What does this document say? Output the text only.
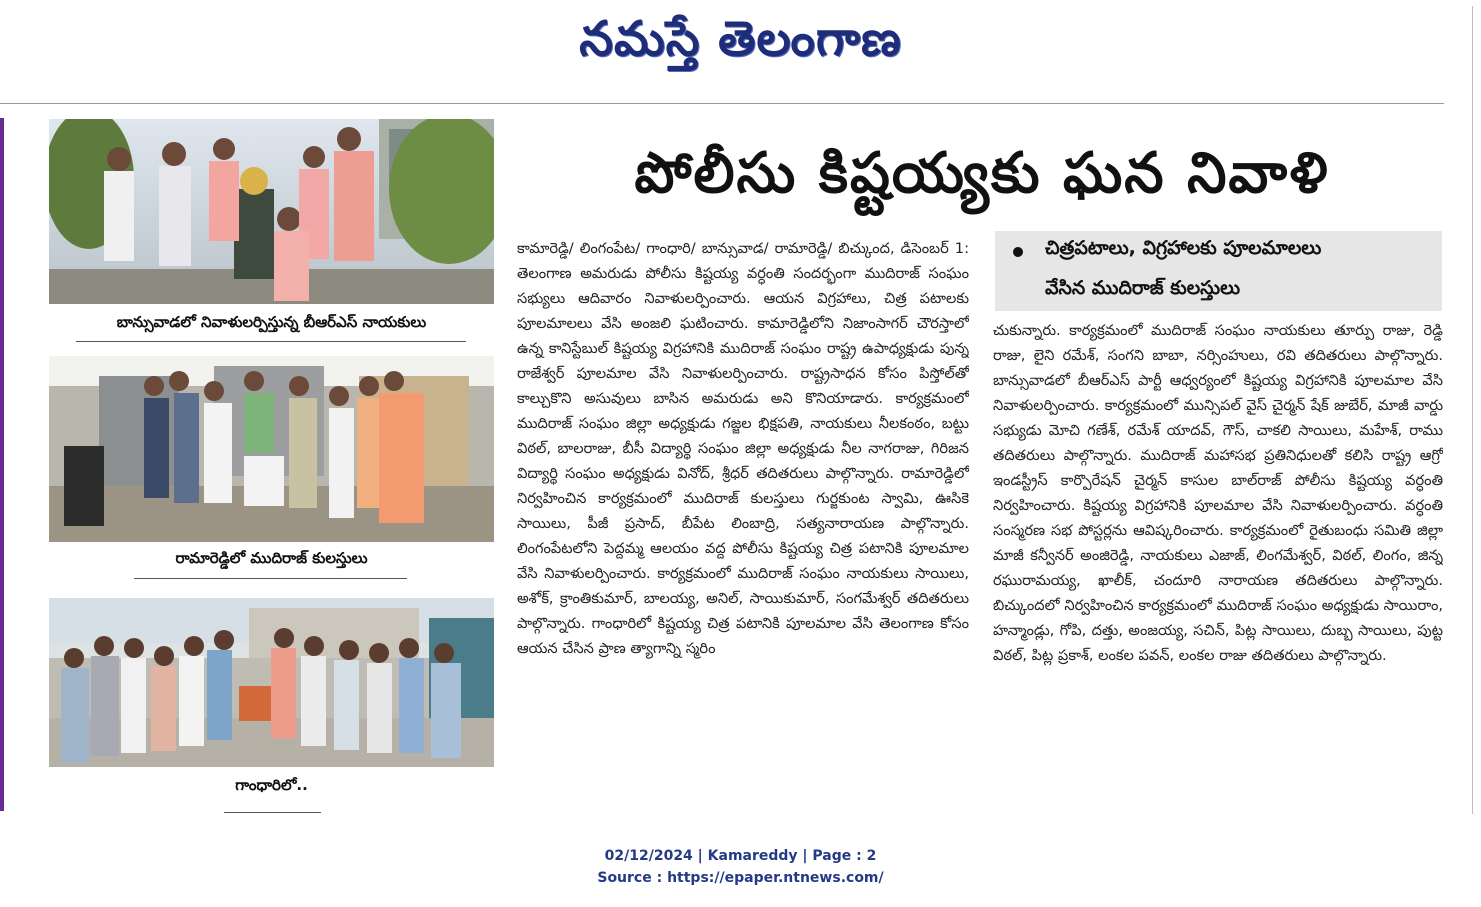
నమస్తే తెలంగాణ
బాన్సువాడలో నివాళులర్పిస్తున్న బీఆర్ఎస్ నాయకులు
రామారెడ్డిలో ముదిరాజ్ కులస్తులు
గాంధారిలో..
పోలీసు కిష్టయ్యకు ఘన నివాళి
చిత్రపటాలు, విగ్రహాలకు పూలమాలలు
వేసిన ముదిరాజ్ కులస్తులు

కామారెడ్డి/ లింగంపేట/ గాంధారి/ బాన్సువాడ/ రామారెడ్డి/ బిచ్కుంద, డిసెంబర్ 1: తెలంగాణ అమరుడు పోలీసు కిష్టయ్య వర్ధంతి సందర్భంగా ముదిరాజ్ సంఘం సభ్యులు ఆదివారం నివాళులర్పించారు. ఆయన విగ్రహాలు, చిత్ర పటాలకు పూలమాలలు వేసి అంజలి ఘటించారు. కామారెడ్డిలోని నిజాంసాగర్ చౌరస్తాలో ఉన్న కానిస్టేబుల్ కిష్టయ్య విగ్రహానికి ముదిరాజ్ సంఘం రాష్ట్ర ఉపాధ్యక్షుడు పున్న రాజేశ్వర్ పూలమాల వేసి నివాళులర్పించారు. రాష్ట్రసాధన కోసం పిస్తోల్‌తో కాల్చుకొని అసువులు బాసిన అమరుడు అని కొనియాడారు. కార్యక్రమంలో ముదిరాజ్ సంఘం జిల్లా అధ్యక్షుడు గజ్జల భిక్షపతి, నాయకులు నీలకంఠం, బట్టు విఠల్, బాలరాజు, బీసీ విద్యార్థి సంఘం జిల్లా అధ్యక్షుడు నీల నాగరాజు, గిరిజన విద్యార్థి సంఘం అధ్యక్షుడు వినోద్, శ్రీధర్ తదితరులు పాల్గొన్నారు. రామారెడ్డిలో నిర్వహించిన కార్యక్రమంలో ముదిరాజ్ కులస్తులు గుర్జకుంట స్వామి, ఊసికె సాయిలు, పీజీ ప్రసాద్, బీపేట లింబాద్రి, సత్యనారాయణ పాల్గొన్నారు. లింగంపేటలోని పెద్దమ్మ ఆలయం వద్ద పోలీసు కిష్టయ్య చిత్ర పటానికి పూలమాల వేసి నివాళులర్పించారు. కార్యక్రమంలో ముదిరాజ్ సంఘం నాయకులు సాయిలు, అశోక్, క్రాంతికుమార్, బాలయ్య, అనిల్, సాయికుమార్, సంగమేశ్వర్ తదితరులు పాల్గొన్నారు. గాంధారిలో కిష్టయ్య చిత్ర పటానికి పూలమాల వేసి తెలంగాణ కోసం ఆయన చేసిన ప్రాణ త్యాగాన్ని స్మరిం

చుకున్నారు. కార్యక్రమంలో ముదిరాజ్ సంఘం నాయకులు తూర్పు రాజు, రెడ్డి రాజు, లైని రమేశ్, సంగని బాబా, నర్సింహులు, రవి తదితరులు పాల్గొన్నారు. బాన్సువాడలో బీఆర్ఎస్ పార్టీ ఆధ్వర్యంలో కిష్టయ్య విగ్రహానికి పూలమాల వేసి నివాళులర్పించారు. కార్యక్రమంలో మున్సిపల్ వైస్ చైర్మన్ షేక్ జుబేర్, మాజీ వార్డు సభ్యుడు మోచి గణేశ్, రమేశ్ యాదవ్, గౌస్, చాకలి సాయిలు, మహేశ్, రాము తదితరులు పాల్గొన్నారు. ముదిరాజ్ మహాసభ ప్రతినిధులతో కలిసి రాష్ట్ర ఆగ్రో ఇండస్ట్రీస్ కార్పొరేషన్ చైర్మన్ కాసుల బాల్‌రాజ్ పోలీసు కిష్టయ్య వర్ధంతి నిర్వహించారు. కిష్టయ్య విగ్రహానికి పూలమాల వేసి నివాళులర్పించారు. వర్ధంతి సంస్మరణ సభ పోస్టర్లను ఆవిష్కరించారు. కార్యక్రమంలో రైతుబంధు సమితి జిల్లా మాజీ కన్వీనర్ అంజిరెడ్డి, నాయకులు ఎజాజ్, లింగమేశ్వర్, విఠల్, లింగం, జిన్న రఘురామయ్య, ఖాలీక్, చందూరి నారాయణ తదితరులు పాల్గొన్నారు. బిచ్కుందలో నిర్వహించిన కార్యక్రమంలో ముదిరాజ్ సంఘం అధ్యక్షుడు సాయిరాం, హన్మాండ్లు, గోపి, దత్తు, అంజయ్య, సచిన్, పిట్ల సాయిలు, దుబ్బ సాయిలు, పుట్ట విఠల్, పిట్ల ప్రకాశ్, లంకల పవన్, లంకల రాజు తదితరులు పాల్గొన్నారు.

02/12/2024 | Kamareddy | Page : 2
Source : https://epaper.ntnews.com/
